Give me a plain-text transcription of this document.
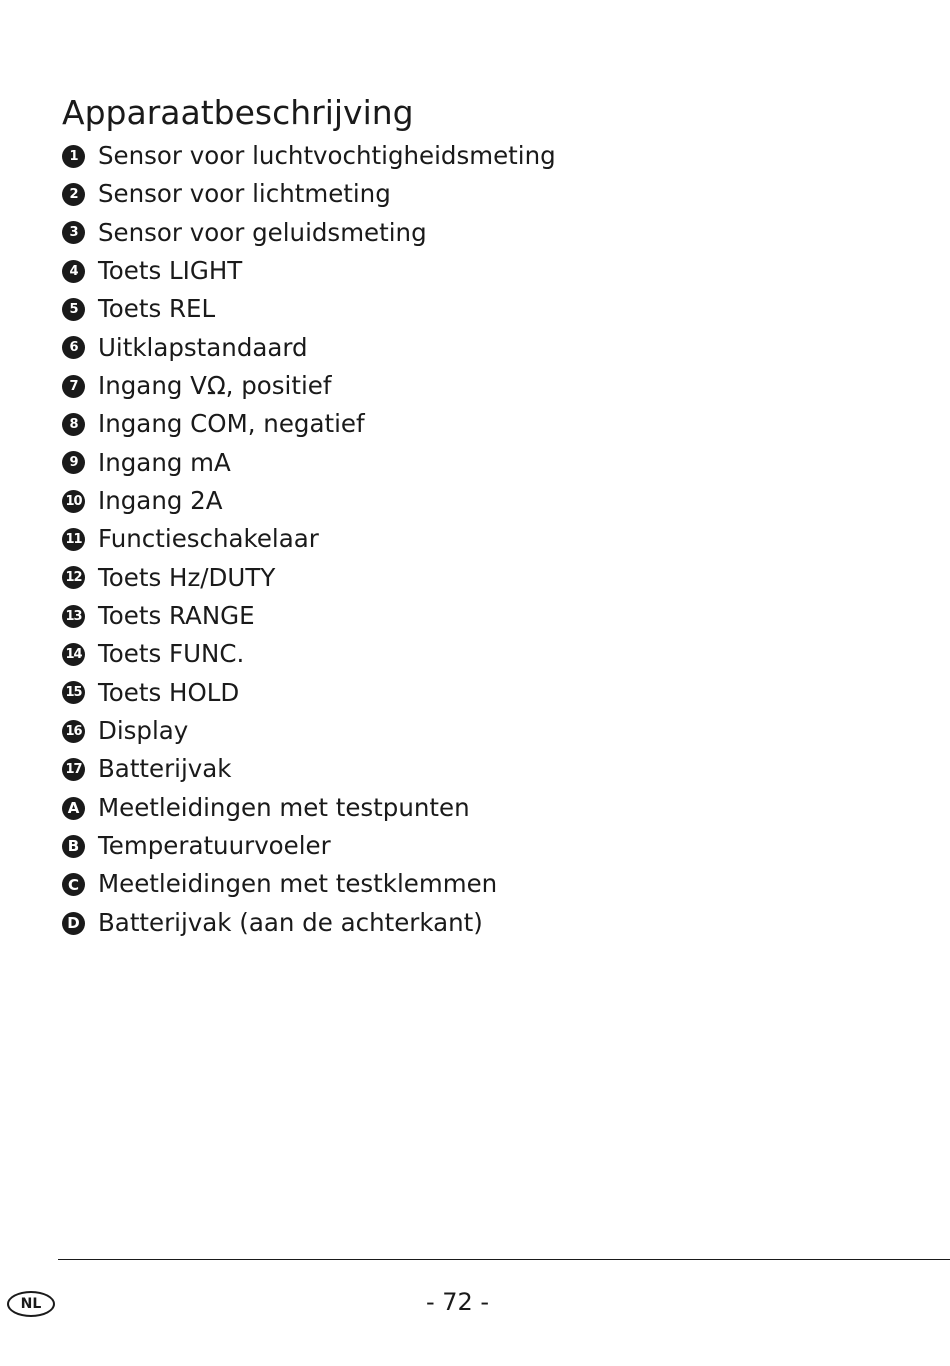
Apparaatbeschrijving
1 Sensor voor luchtvochtigheidsmeting
2 Sensor voor lichtmeting
3 Sensor voor geluidsmeting
4 Toets LIGHT
5 Toets REL
6 Uitklapstandaard
7 Ingang VΩ, positief
8 Ingang COM, negatief
9 Ingang mA
10 Ingang 2A
11 Functieschakelaar
12 Toets Hz/DUTY
13 Toets RANGE
14 Toets FUNC.
15 Toets HOLD
16 Display
17 Batterijvak
A Meetleidingen met testpunten
B Temperatuurvoeler
C Meetleidingen met testklemmen
D Batterijvak (aan de achterkant)
NL	- 72 -
